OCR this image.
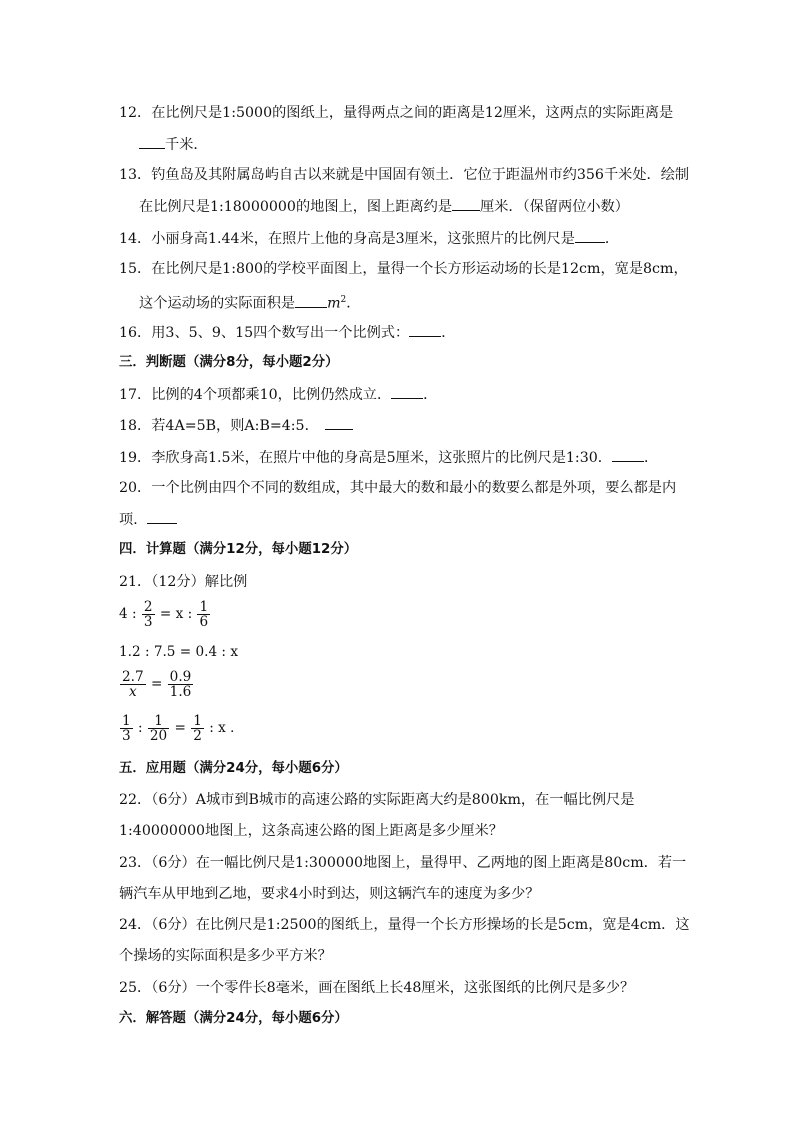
12．在比例尺是1:5000的图纸上，量得两点之间的距离是12厘米，这两点的实际距离是
千米．
13．钓鱼岛及其附属岛屿自古以来就是中国固有领土．它位于距温州市约356千米处．绘制
在比例尺是1:18000000的地图上，图上距离约是 厘米．（保留两位小数）
14．小丽身高1.44米，在照片上他的身高是3厘米，这张照片的比例尺是 ．
15．在比例尺是1:800的学校平面图上，量得一个长方形运动场的长是12cm，宽是8cm，
这个运动场的实际面积是 $m^2$．
16．用3、5、9、15四个数写出一个比例式： ．
三．判断题（满分8分，每小题2分）
17．比例的4个项都乘10，比例仍然成立． ．
18．若4A=5B，则A:B=4:5．
19．李欣身高1.5米，在照片中他的身高是5厘米，这张照片的比例尺是1:30． ．
20．一个比例由四个不同的数组成，其中最大的数和最小的数要么都是外项，要么都是内
项．
四．计算题（满分12分，每小题12分）
21．（12分）解比例
4 : $\frac{2}{3} = x$ : $\frac{1}{6}$
1.2 : 7.5 = 0.4 : x
$\frac{2.7}{x} = \frac{0.9}{1.6}$
$\frac{1}{3}$ : $\frac{1}{20} = \frac{1}{2}$ : x ．
五．应用题（满分24分，每小题6分）
22．（6分）A城市到B城市的高速公路的实际距离大约是800km，在一幅比例尺是
1:40000000地图上，这条高速公路的图上距离是多少厘米？
23．（6分）在一幅比例尺是1:300000地图上，量得甲、乙两地的图上距离是80cm．若一
辆汽车从甲地到乙地，要求4小时到达，则这辆汽车的速度为多少？
24．（6分）在比例尺是1:2500的图纸上，量得一个长方形操场的长是5cm，宽是4cm．这
个操场的实际面积是多少平方米？
25．（6分）一个零件长8毫米，画在图纸上长48厘米，这张图纸的比例尺是多少？
六．解答题（满分24分，每小题6分）
